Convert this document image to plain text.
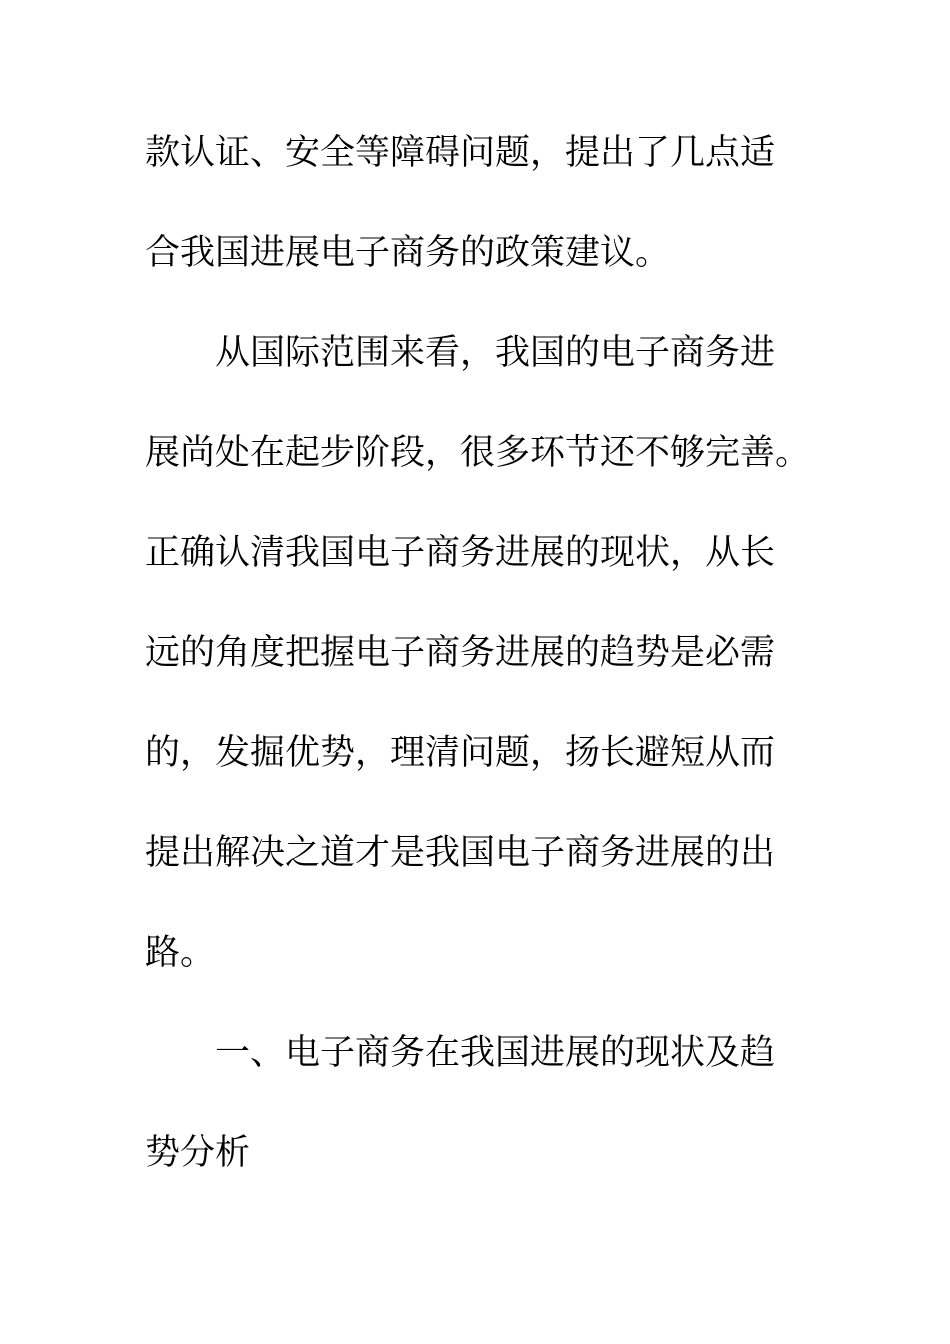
款认证、安全等障碍问题，提出了几点适
合我国进展电子商务的政策建议。
从国际范围来看，我国的电子商务进
展尚处在起步阶段，很多环节还不够完善。
正确认清我国电子商务进展的现状，从长
远的角度把握电子商务进展的趋势是必需
的，发掘优势，理清问题，扬长避短从而
提出解决之道才是我国电子商务进展的出
路。
一、电子商务在我国进展的现状及趋
势分析
